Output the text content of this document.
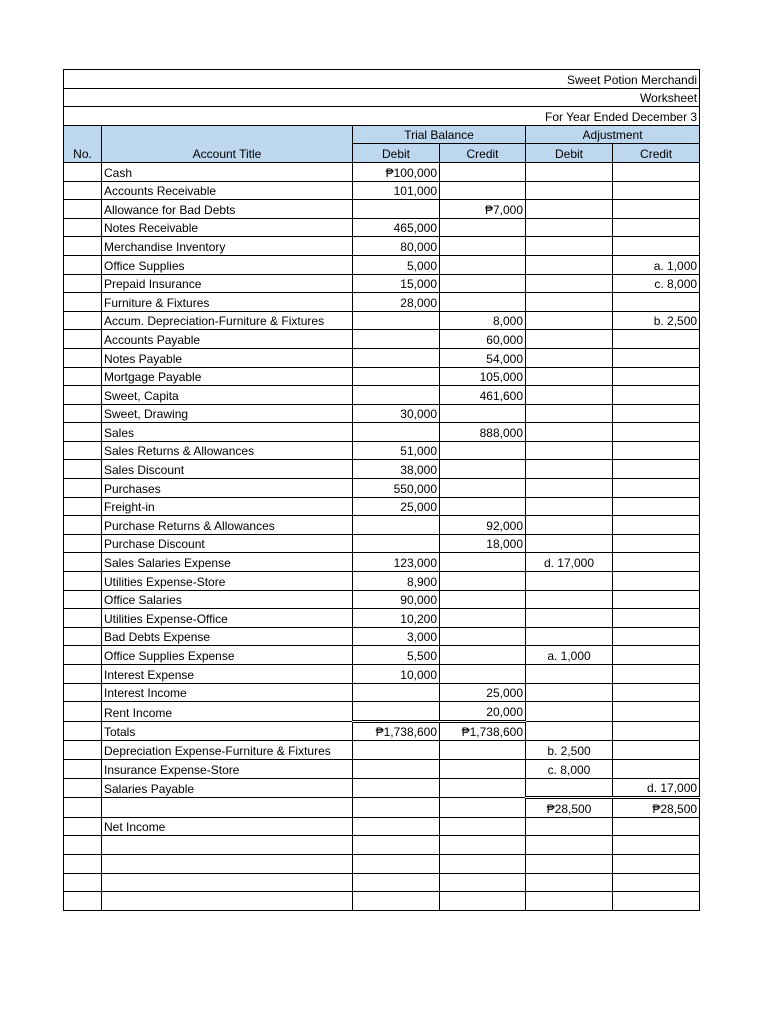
Sweet Potion Merchandi					
Worksheet					
For Year Ended December 3					
No.	Account Title	Trial Balance		Adjustment	
		Debit	Credit	Debit	Credit
	Cash	₱100,000			
	Accounts Receivable	101,000			
	Allowance for Bad Debts		₱7,000		
	Notes Receivable	465,000			
	Merchandise Inventory	80,000			
	Office Supplies	5,000			a. 1,000
	Prepaid Insurance	15,000			c. 8,000
	Furniture & Fixtures	28,000			
	Accum. Depreciation-Furniture & Fixtures		8,000		b. 2,500
	Accounts Payable		60,000		
	Notes Payable		54,000		
	Mortgage Payable		105,000		
	Sweet, Capita		461,600		
	Sweet, Drawing	30,000			
	Sales		888,000		
	Sales Returns & Allowances	51,000			
	Sales Discount	38,000			
	Purchases	550,000			
	Freight-in	25,000			
	Purchase Returns & Allowances		92,000		
	Purchase Discount		18,000		
	Sales Salaries Expense	123,000		d. 17,000	
	Utilities Expense-Store	8,900			
	Office Salaries	90,000			
	Utilities Expense-Office	10,200			
	Bad Debts Expense	3,000			
	Office Supplies Expense	5,500		a. 1,000	
	Interest Expense	10,000			
	Interest Income		25,000		
	Rent Income		20,000		
	Totals	₱1,738,600	₱1,738,600		
	Depreciation Expense-Furniture & Fixtures			b. 2,500	
	Insurance Expense-Store			c. 8,000	
	Salaries Payable				d. 17,000
				₱28,500	₱28,500
	Net Income				
